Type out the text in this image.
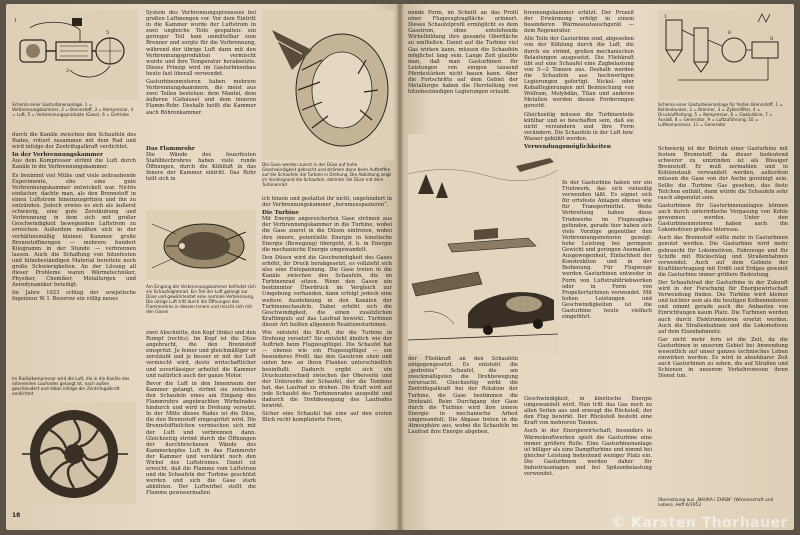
1
2
5
Schema einer Gasturbinenanlage. 1 = Verbrennungskammer, 2 = Brennstoff, 3 = Kompressor, 4 = Luft, 5 = Verbrennungsprodukte (Gase), 6 = Getriebe

System des Verbrennungsprozesses bei großen Luftmengen vor. Vor dem Eintritt in die Kammer wurde der Luftstrom in zwei ungleiche Teile gespalten: ein geringer Teil kam unmittelbar zum Brenner und sorgte für die Verbrennung, während der übrige Luft dann mit den Verbrennungsprodukten vermischt wurde und ihre Temperatur herabsetzte. Dieses Prinzip wird im Gasturbinenbau heute fast überall verwendet.

Gasturbinenmotoren haben mehrere Verbrennungskammern, die meist aus zwei Teilen bestehen: dem Mantel, dem äußeren (Gehäuse) und dem inneren Flamm-Rohr. Deshalb heißt die Kammer auch Röhrenkammer.

durch die Kanäle zwischen den Schaufeln des Rades, rotiert zusammen mit dem Rad und wird infolge der Zentrifugalkraft verdichtet.

In der Verbrennungskammer

Aus dem Kompressor strömt die Luft durch Kanäle in die Verbrennungskammer.

Es benimmt viel Mühe und viele zeitraubende Experimente, ehe eine gute Verbrennungskammer entwickelt war. Nichts einfacher, dachte man, als den Brennstoff in einen Luftstrom hineinzuspritzen und ihn zu entzünden. Jedoch erwies es sich als äußerst schwierig, eine gute Zerstäubung und Verbrennung in dem sich mit großer Geschwindigkeit bewegenden Luftstrom zu erreichen. Außerdem mußten sich in der verhältnismäßig kleinen Kammer große Brennstoffmengen — mehrere hundert Kilogramm in der Stunde — verbrennen lassen. Auch die Schaffung von hitzefesten und hitzebeständigen Material bereitete noch große Schwierigkeiten. An der Lösung all dieser Probleme waren Wärmetechniker, Physiker, Chemiker, Metallurgen und Aerodynamiker beteiligt.

Im Jahre 1923 schlug der sowjetische Ingenieur W. I. Bosorow ein völlig neues

Im Radialkompressor wird die Luft, die in die Kanäle des rotierenden Laufrades gelangt ist, nach außen geschleudert und dabei infolge der Zentrifugalkraft verdichtet
Das Flammrohr

Die Wände des feuerfesten Stahlblechrohres haben viele runde Öffnungen, durch die Kühlluft in das Innere der Kammer eintritt. Das Rohr teilt sich in

Am Eingang der Verbrennungskammer befindet sich ein Schaufelgleitrad. Ein Teil der Luft gelangt zur Düse und gewährleistet eine normale Verbrennung. Die übrige Luft tritt durch die Öffnungen des Flammrohres in dessen Innere und mischt sich mit den Gasen

zwei Abschnitte, den Kopf (links) und den Rumpf (rechts). Im Kopf ist die Düse angebracht, die den Brennstoff einspritzt. Je feiner und gleichmäßiger er zerstäubt und je besser er mit der Luft vermischt wird, desto wirtschaftlicher und zuverlässiger arbeitet die Kammer und natürlich auch der ganze Motor.

Bevor die Luft in den Innenraum der Kammer gelangt, strömt sie zwischen den Schaufeln eines am Eingang des Flammrohrs angebrachten Wirbelrades hindurch und wird in Drehung versetzt. In der Mitte dieses Rades ist die Düse, die den Brennstoff eingespritzt wird. Die Brennstoffteilchen vermischen sich mit der Luft und verbrennen dann. Gleichzeitig strömt durch die Öffnungen der durchbrochenen Wände des Kammerkopfes Luft in das Flammrohr der Kammer und verstärkt noch den Wirbel des Luftstromes. Damit ist erreicht, daß die Flamme vom Luftstrom und die Schaufeln der Turbine geschützt werden und sich die Gase stark abkühlen. Der Luftwirbel stellt die Flamme gewissermaßen

Die Gase werden zuerst in der Düse auf hohe Geschwindigkeit gebracht und strömen dann beim Auftreffen auf die Schaufeln die Turbine in Drehung. Die Abbildung zeigt im Vordergrund die Schaufeln, dahinter die Düse mit dem Turbinenrad

ich hinein und gestattet ihr nicht, ungehindert in der Verbrennungskammer „herumzuspazieren“.

Die Turbine

Mit Energie angereicherten Gase strömen aus der Verbrennungskammer in die Turbine, wobei die Gase zuerst in die Düsen eintreten, wobei ihre innere, potentielle Energie in kinetische Energie (Bewegung) übergeht, d. h. in Energie die mechanische Energie umgewandelt.

Den Düsen wird die Geschwindigkeit des Gases erhöht, ihr Druck herabgesetzt, es vollzieht sich also eine Entspannung. Die Gase treten in die Kanäle zwischen den Schaufeln, die im Turbinenrad sitzen. Wenn den Gasen ein bestimmter Überdruck im Vergleich zur Umgebung vorhanden, dann erfolgt jedoch eine weitere Ausdehnung in den Kanälen der Turbinenschaufeln. Dabei erhöht sich die Geschwindigkeit, die einen zusätzlichen Kraftimpuls auf das Laufrad bewirkt. Turbinen dieser Art heißen allgemein Reaktionsturbinen.

Wie entsteht die Kraft, die die Turbine in Drehung versetzt? Sie entsteht ähnlich wie der Auftrieb beim Flugzeugflügel. Die Schaufel hat — ebenso wie ein Flugzeugflügel — ein besonderes Profil, das den Gasstrom oben und unten bzw. an ihren Flanken unterschiedlich beeinflußt. Dadurch ergibt sich ein Druckunterschied zwischen der Oberseite und der Unterseite der Schaufel, der die Tendenz hat, das Laufrad zu drehen. Die Kraft wird auf jede Schaufel des Turbinenrades ausgeübt und dadurch die Drehbewegung des Laufrades bewirkt.

Sicher eine Schaufel hat eine auf den ersten Blick recht komplizierte Form,

18

nende Form, im Schnitt an das Profil einer Flugzeugtragfläche erinnert. Dieses Schaufelprofil ermöglicht es dem Gasstrom, ohne entstehende Wirbelbildung ihre gesamte Oberfläche zu umfließen. Damit auf die Turbine viel Gas wirken kann, müssen die Schaufeln möglichst lang sein. Lange Zeit glaubte man, daß man Gasturbinen für Leistungen von einigen tausend Pferdestärken nicht bauen kann. Aber die Fortschritte auf dem Gebiet der Metallurgie haben die Herstellung von hitzebeständigen Legierungen erlaubt.

der Fliehkraft an den Schaufeln entgegengesetzt. Es entsteht die „gedrehte“ Schaufel, die am zweckmäßigsten die Drehbewegung verursacht. Gleichzeitig wirkt die Zentrifugalkraft bei der Rotation der Turbine, die Gase bestimmen die Drehzahl. Beim Durchgang der Gase durch die Turbine wird ihre innere Energie in mechanische Arbeit umgewandelt. Die Abgase treten in die Atmosphäre aus, wobei die Schaufeln im Laufrad ihre Energie abgeben.

brennungskammer erhitzt. Der Prozeß der Erwärmung erfolgt in einem besonderen Wärmeaustauschgerät — dem Regenerator.

Alle Teile der Gasturbine sind, abgesehen von der Kühlung durch die Luft, die durch sie strömt, großen mechanischen Belastungen ausgesetzt. Die Fliehkraft übt auf eine Schaufel eine Zugbelastung von 5—3 Tonnen aus. Deshalb werden die Schaufeln aus hochwertigen Legierungen gefertigt. Nickel- oder Kobaltlegierungen mit Beimischung von Wolfram, Molybdän, Titan und anderen Metallen werden diesen Forderungen gerecht.

Gleichzeitig müssen die Turbinenteile kühlbar und so beschaffen sein, daß sie nicht verzundern und ihre Form verändern. Die Schaufeln in der Luft bzw. Wasser gekühlt werden.

Verwendungsmöglichkeiten

In der Gasturbine haben wir ein Triebwerk, das sich vielseitig verwenden läßt. Es eignet sich für ortsfeste Anlagen ebenso wie für Transportmittel. Weite Verbreitung haben diese Triebwerke im Flugzeugbau gefunden, gerade hier haben sich viele Vorzüge gegenüber den Verbrennungsmotoren gezeigt: hohe Leistung bei geringem Gewicht und geringen Ausmaßen. Ausgewogenheit, Einfachheit der Konstruktion und in der Bedienung. Für Flugzeuge werden Gasturbinen entweder in Form von Luftstrahltriebwerken oder in Form von Propellerturbinen verwendet. Mit hohen Leistungen und Geschwindigkeiten ist die Gasturbine heute vielfach eingeführt.

Geschwindigkeit, in kinetische Energie umgewandelt wird. Nun tritt das Gas noch zu allen Seiten aus und erzeugt die Rückstoß, der den Flug bewirkt. Der Rückstoß besteht eine Kraft von mehreren Tonnen.

Auch in der Energiewirtschaft, besonders in Wärmekraftwerken spielt die Gasturbine eine immer größere Rolle. Eine Gasturbinenanlage ist billiger als eine Dampfturbine und nimmt bei gleicher Leistung bedeutend weniger Platz ein. Die Gasturbinen werden daher für Industrieanlagen und bei Spitzenbelastung verwendet.

1
6
8
Schema einer Gasturbinenanlage für festen Brennstoff. 1 = Kohlenbunker, 2 = Brenner, 3 = Zyklonfilter, 4 = Druckluftleitung, 5 = Kompressor, 6 = Gasturbine, 7 = Auslaß, 8 = Generator, 9 = Luftzuführung, 10 = Luftkompressor, 11 = Generator

Schwierig ist der Betrieb einer Gasturbine mit festem Brennstoff, da dieser bedeutend schwerer zu entzünden ist als flüssiger Brennstoff. Er muß zermahlen und in Kohlenstaub verwandelt werden, außerdem müssen die Gase von der Asche gereinigt sein. Sollte die Turbine Gas gesehen, das feste Teilchen enthält, dann würde die Schaufeln sehr rasch abgenutzt sein.

Gasturbinen für Gasturbinenanlagen können auch durch unterirdische Vergasung von Kohle gewonnen werden. Unter den Gasturbinenmotoren haben auch die Lokomotiven großes Interesse.

Auch das Brennstoff sollte mehr in Gasturbinen genutzt werden. Die Gasturbine wird mehr gebraucht für Lokomotiven, Fahrzeuge und für Schiffe mit Rückschlag und Straßenbahnen verwendet. Auch auf dem Gebiete der Kraftübertragung mit Erdöl und Erdgas gewinnt die Gasturbine immer größere Bedeutung.

Der Schaufelrad der Gasturbine in der Zukunft wird in der Forschung für Energiewirtschaft Verwendung finden. Die Turbine wird kleiner und leichter sein als die heutigen Kolbenmotoren und nimmt gerade auch die Anbauten von Einrichtungen kaum Platz. Die Turbinen werden auch durch Elektromotoren ersetzt werden. Auch die Straßenbahnen und die Lokomotiven auf dem Eisenbahnnetz.

Gar nicht mehr fern ist die Zeit, da die Gasturbinen in unserem Gebiet bei Anwendung wesentlich auf unser ganzes technisches Leben einwirken werden. Es wird in absehbarer Zeit auch Gasturbinen zu sehen, die auf Straßen und Schienen in unserem Verkehrswesen ihren Dienst tun.

Übersetzung aus „NAUKA i ZHISN“ (Wissenschaft und Leben), Heft 6/1953
© Karsten Thorhauer
